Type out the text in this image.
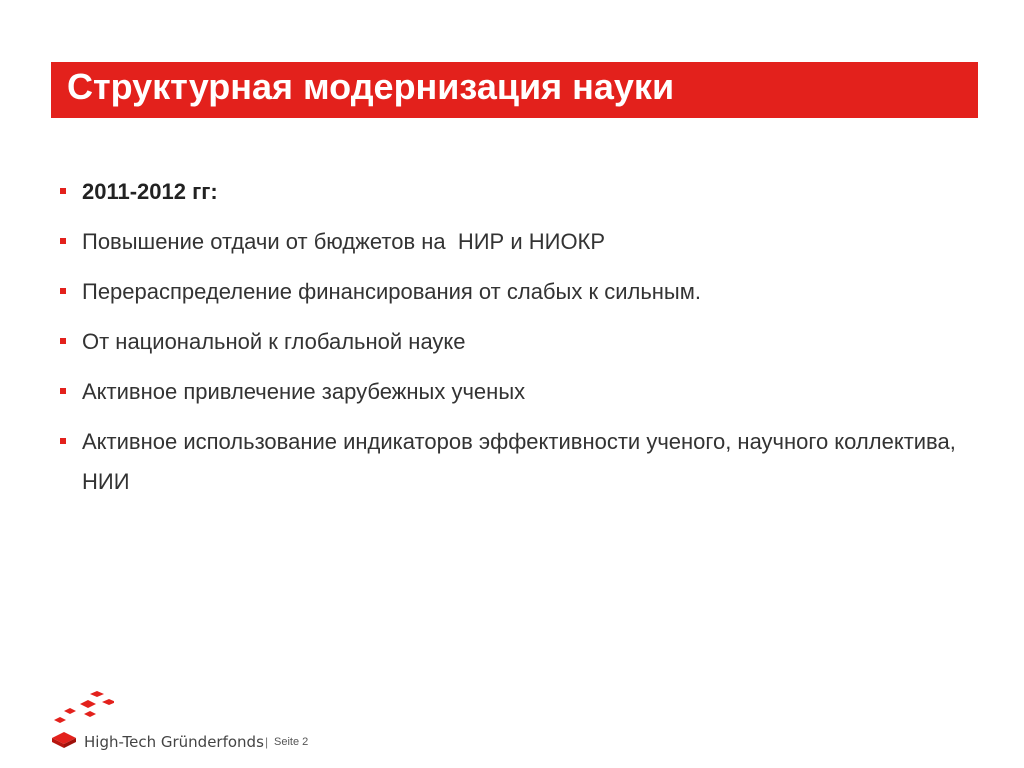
Структурная модернизация науки
2011-2012 гг:
Повышение отдачи от бюджетов на  НИР и НИОКР
Перераспределение финансирования от слабых к сильным.
От национальной к глобальной науке
Активное привлечение зарубежных ученых
Активное использование индикаторов эффективности ученого, научного коллектива, НИИ
High-Tech Gründerfonds | Seite 2
